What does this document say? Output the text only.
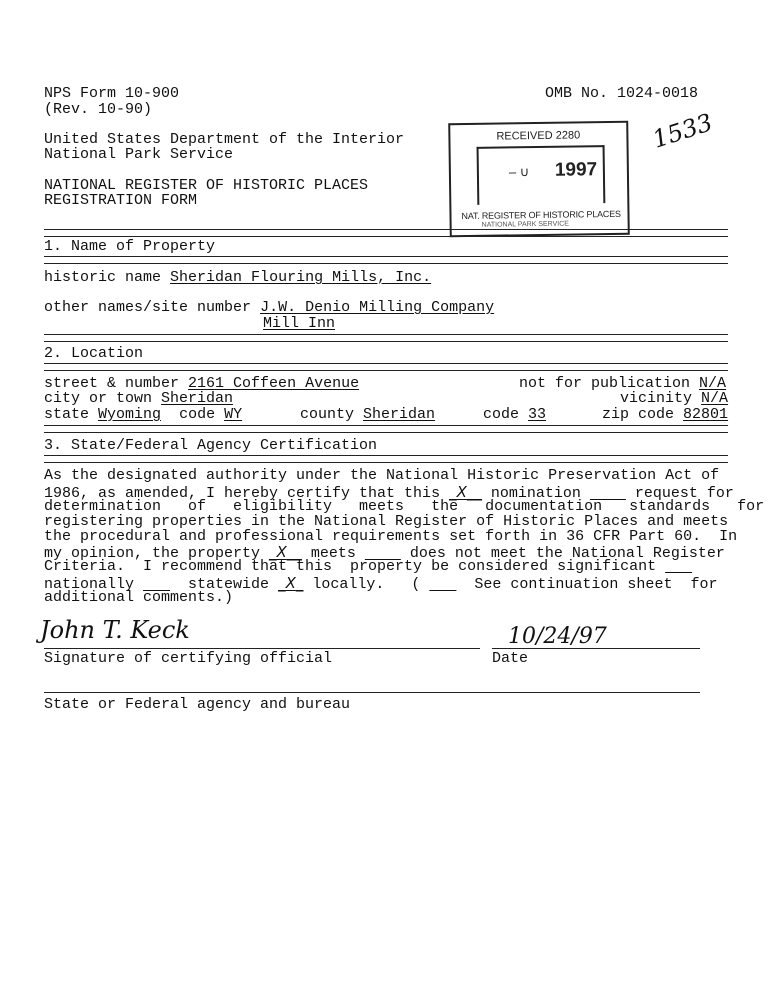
NPS Form 10-900
(Rev. 10-90)
OMB No. 1024-0018
United States Department of the Interior
National Park Service
NATIONAL REGISTER OF HISTORIC PLACES
REGISTRATION FORM
RECEIVED 2280
– ∪ 1997
NAT. REGISTER OF HISTORIC PLACES
NATIONAL PARK SERVICE
1533
1. Name of Property
historic name Sheridan Flouring Mills, Inc.
other names/site number J.W. Denio Milling Company
Mill Inn
2. Location
street & number 2161 Coffeen Avenue	not for publication N/A
city or town Sheridan	vicinity N/A
state Wyoming code WY	county Sheridan	code 33	zip code 82801
3. State/Federal Agency Certification
As the designated authority under the National Historic Preservation Act of
1986, as amended, I hereby certify that this _X__ nomination      request for
determination   of   eligibility   meets   the   documentation   standards   for
registering properties in the National Register of Historic Places and meets
the procedural and professional requirements set forth in 36 CFR Part 60.  In
my opinion, the property _X__ meets      does not meet the National Register
Criteria.  I recommend that this  property be considered significant
nationally      statewide _X_ locally.   (      See continuation sheet  for
additional comments.)
John T. Keck	10/24/97
Signature of certifying official	Date
State or Federal agency and bureau
